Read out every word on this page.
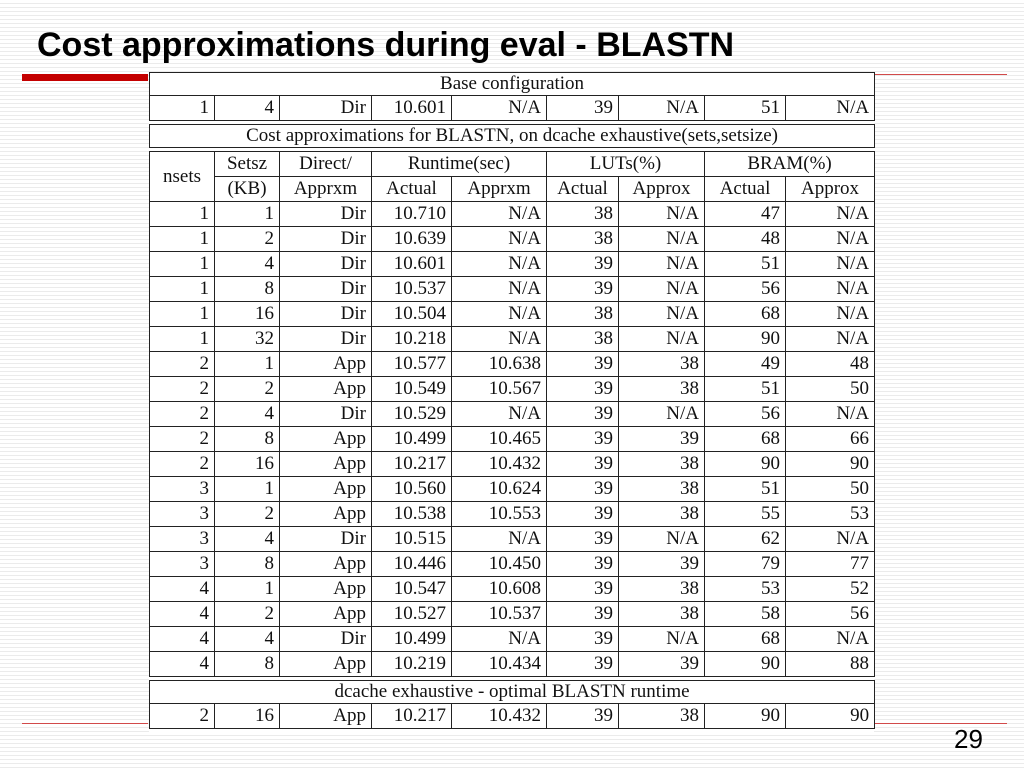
Cost approximations during eval - BLASTN
29
Base configuration
1	4	Dir	10.601	N/A	39	N/A	51	N/A
Cost approximations for BLASTN, on dcache exhaustive(sets,setsize)
nsets	Setsz	Direct/	Runtime(sec)		LUTs(%)		BRAM(%)	
	(KB)	Apprxm	Actual	Apprxm	Actual	Approx	Actual	Approx
1	1	Dir	10.710	N/A	38	N/A	47	N/A
1	2	Dir	10.639	N/A	38	N/A	48	N/A
1	4	Dir	10.601	N/A	39	N/A	51	N/A
1	8	Dir	10.537	N/A	39	N/A	56	N/A
1	16	Dir	10.504	N/A	38	N/A	68	N/A
1	32	Dir	10.218	N/A	38	N/A	90	N/A
2	1	App	10.577	10.638	39	38	49	48
2	2	App	10.549	10.567	39	38	51	50
2	4	Dir	10.529	N/A	39	N/A	56	N/A
2	8	App	10.499	10.465	39	39	68	66
2	16	App	10.217	10.432	39	38	90	90
3	1	App	10.560	10.624	39	38	51	50
3	2	App	10.538	10.553	39	38	55	53
3	4	Dir	10.515	N/A	39	N/A	62	N/A
3	8	App	10.446	10.450	39	39	79	77
4	1	App	10.547	10.608	39	38	53	52
4	2	App	10.527	10.537	39	38	58	56
4	4	Dir	10.499	N/A	39	N/A	68	N/A
4	8	App	10.219	10.434	39	39	90	88
dcache exhaustive - optimal BLASTN runtime
2	16	App	10.217	10.432	39	38	90	90
